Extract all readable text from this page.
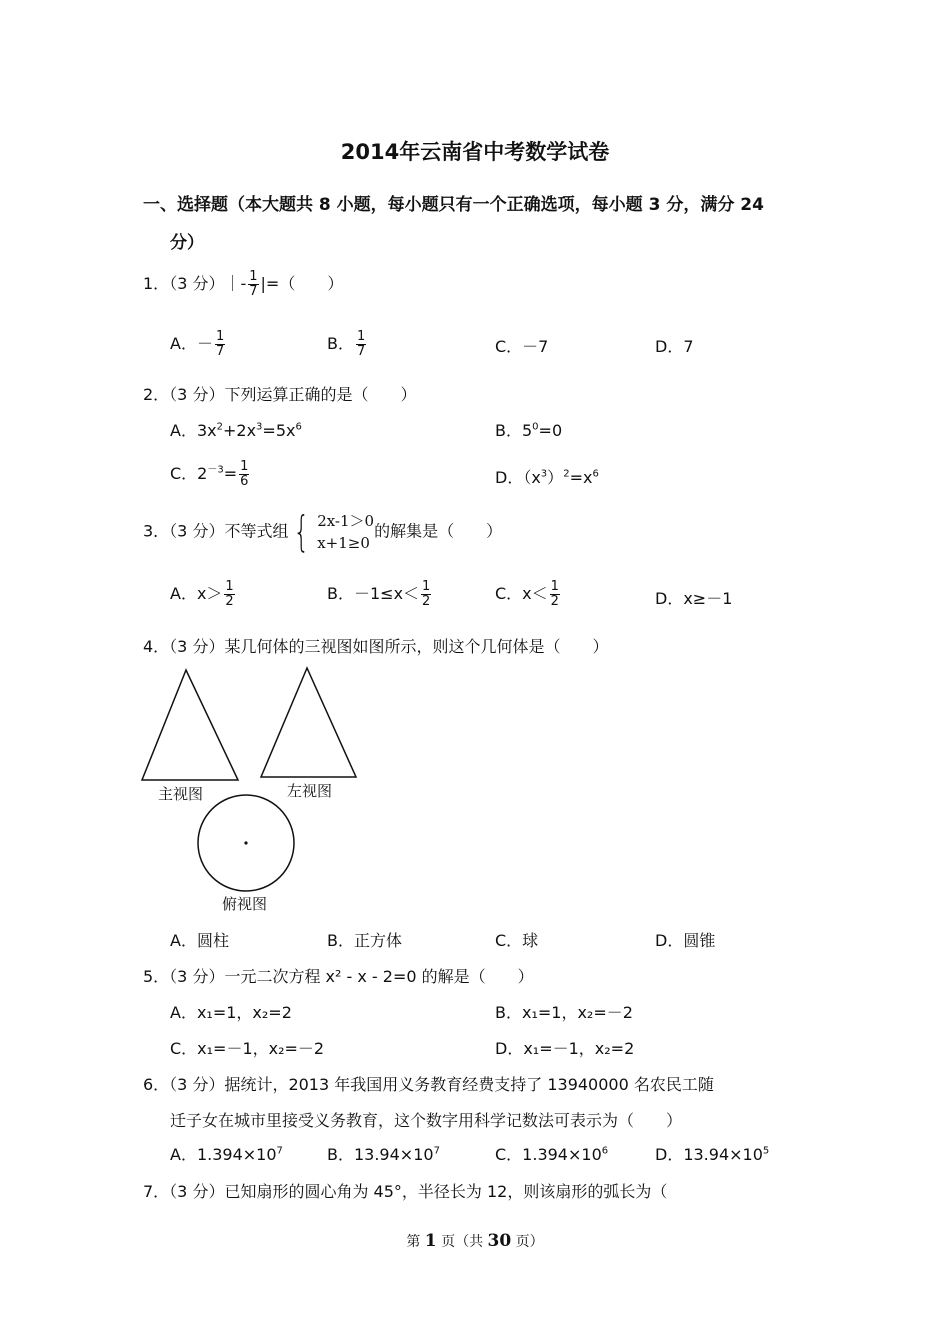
2014年云南省中考数学试卷
一、选择题（本大题共 8 小题，每小题只有一个正确选项，每小题 3 分，满分 24
分）
1．（3 分）｜- $\frac{1}{7}$ |=（　　）
A．－ $\frac{1}{7}$	B． $\frac{1}{7}$	C．－7	D．7
2．（3 分）下列运算正确的是（　　）
A．$3x^2+2x^3=5x^6$	B．$5^0=0$
C．$2^{-3}= \frac{1}{6}$	D．$(x^3)^2=x^6$
3．（3 分）不等式组 { 2x-1＞0
x+1≥0
的解集是（　　）
A．$x> \frac{1}{2}$	B．$-1\le x< \frac{1}{2}$	C．$x< \frac{1}{2}$	D．x≥－1
4．（3 分）某几何体的三视图如图所示，则这个几何体是（　　）
主视图	左视图
俯视图
A．圆柱	B．正方体	C．球	D．圆锥
5．（3 分）一元二次方程 x² - x - 2=0 的解是（　　）
A．x₁=1，x₂=2	B．x₁=1，x₂=－2
C．x₁=－1，x₂=－2	D．x₁=－1，x₂=2
6．（3 分）据统计，2013 年我国用义务教育经费支持了 13940000 名农民工随
迁子女在城市里接受义务教育，这个数字用科学记数法可表示为（　　）
A．$1.394\times 10^7$	B．$13.94\times 10^7$	C．$1.394\times 10^6$	D．$13.94\times 10^5$
7．（3 分）已知扇形的圆心角为 45°，半径长为 12，则该扇形的弧长为（
第 1 页（共 30 页）
